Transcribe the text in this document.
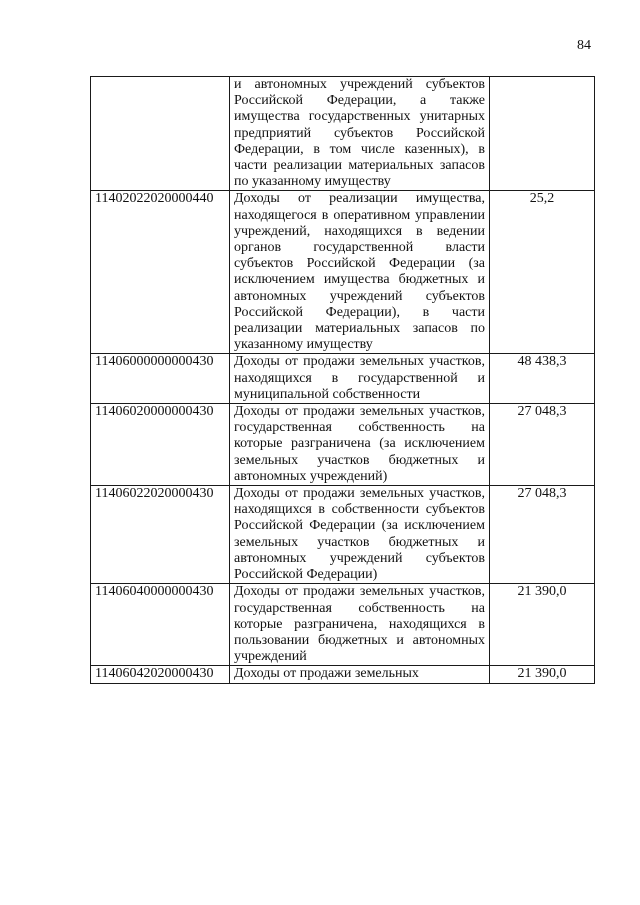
84
	и автономных учреждений субъектов Российской Федерации, а также имущества государственных унитарных предприятий субъектов Российской Федерации, в том числе казенных), в части реализации материальных запасов по указанному имуществу	
11402022020000440	Доходы от реализации имущества, находящегося в оперативном управлении учреждений, находящихся в ведении органов государственной власти субъектов Российской Федерации (за исключением имущества бюджетных и автономных учреждений субъектов Российской Федерации), в части реализации материальных запасов по указанному имуществу	25,2
11406000000000430	Доходы от продажи земельных участков, находящихся в государственной и муниципальной собственности	48 438,3
11406020000000430	Доходы от продажи земельных участков, государственная собственность на которые разграничена (за исключением земельных участков бюджетных и автономных учреждений)	27 048,3
11406022020000430	Доходы от продажи земельных участков, находящихся в собственности субъектов Российской Федерации (за исключением земельных участков бюджетных и автономных учреждений субъектов Российской Федерации)	27 048,3
11406040000000430	Доходы от продажи земельных участков, государственная собственность на которые разграничена, находящихся в пользовании бюджетных и автономных учреждений	21 390,0
11406042020000430	Доходы от продажи земельных	21 390,0
